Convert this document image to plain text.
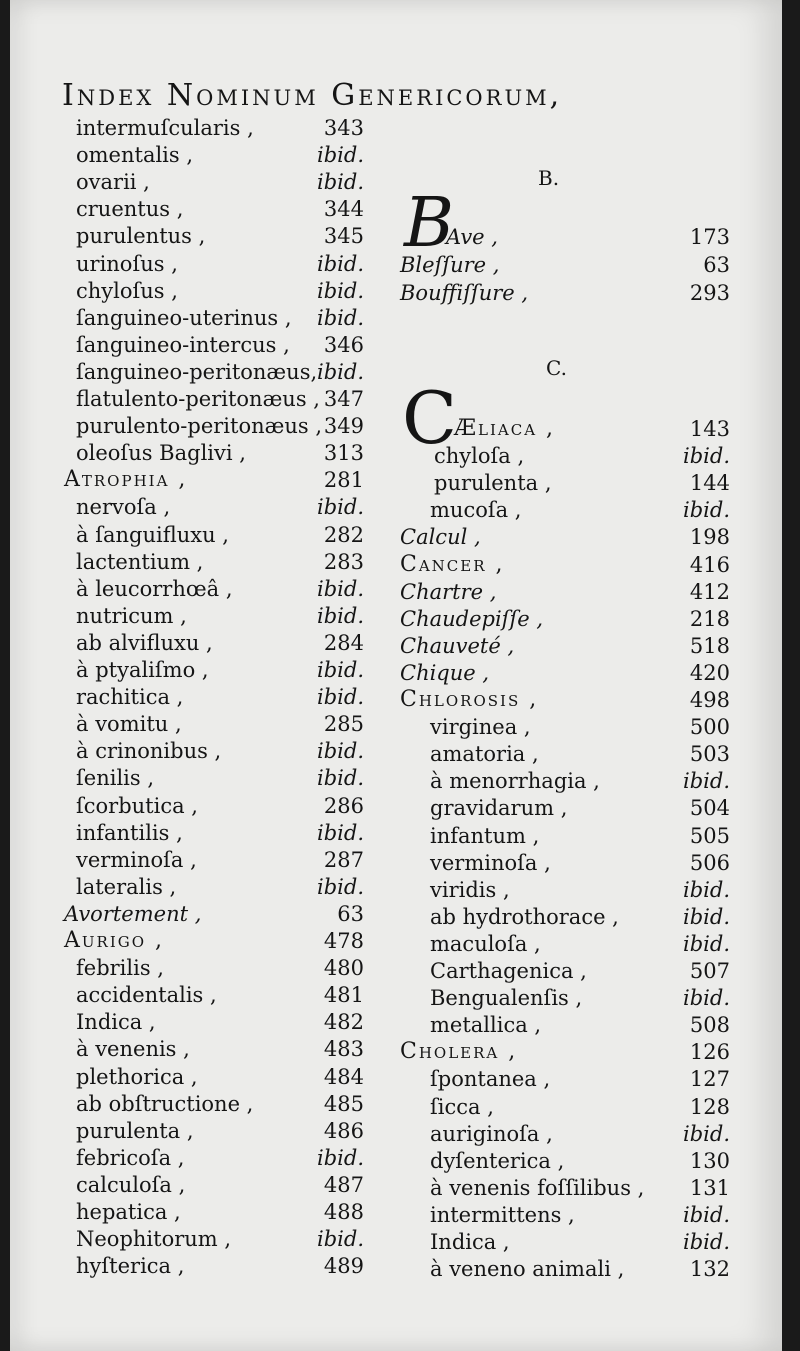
Index Nominum Genericorum,
intermuſcularis ,	343
omentalis ,	ibid.
ovarii ,	ibid.
cruentus ,	344
purulentus ,	345
urinoſus ,	ibid.
chyloſus ,	ibid.
ſanguineo-uterinus , ibid.
ſanguineo-intercus , 346
ſanguineo-peritonæus, ibid.
flatulento-peritonæus , 347
purulento-peritonæus , 349
oleoſus Baglivi ,	313
Atrophia ,	281
nervoſa ,	ibid.
à ſanguifluxu ,	282
lactentium ,	283
à leucorrhœâ ,	ibid.
nutricum ,	ibid.
ab alvifluxu ,	284
à ptyaliſmo ,	ibid.
rachitica ,	ibid.
à vomitu ,	285
à crinonibus ,	ibid.
ſenilis ,	ibid.
ſcorbutica ,	286
infantilis ,	ibid.
verminoſa ,	287
lateralis ,	ibid.
Avortement ,	63
Aurigo ,	478
febrilis ,	480
accidentalis ,	481
Indica ,	482
à venenis ,	483
plethorica ,	484
ab obſtructione ,	485
purulenta ,	486
febricoſa ,	ibid.
calculoſa ,	487
hepatica ,	488
Neophitorum ,	ibid.
hyſterica ,	489
B.
B
Ave ,	173
Bleſſure ,	63
Bouffiſſure ,	293
C.
C
Æliaca ,	143
chyloſa ,	ibid.
purulenta ,	144
mucoſa ,	ibid.
Calcul ,	198
Cancer ,	416
Chartre ,	412
Chaudepiſſe ,	218
Chauveté ,	518
Chique ,	420
Chlorosis ,	498
virginea ,	500
amatoria ,	503
à menorrhagia ,	ibid.
gravidarum ,	504
infantum ,	505
verminoſa ,	506
viridis ,	ibid.
ab hydrothorace ,	ibid.
maculoſa ,	ibid.
Carthagenica ,	507
Bengualenſis ,	ibid.
metallica ,	508
Cholera ,	126
ſpontanea ,	127
ſicca ,	128
auriginoſa ,	ibid.
dyſenterica ,	130
à venenis foſſilibus , 131
intermittens ,	ibid.
Indica ,	ibid.
à veneno animali ,	132
